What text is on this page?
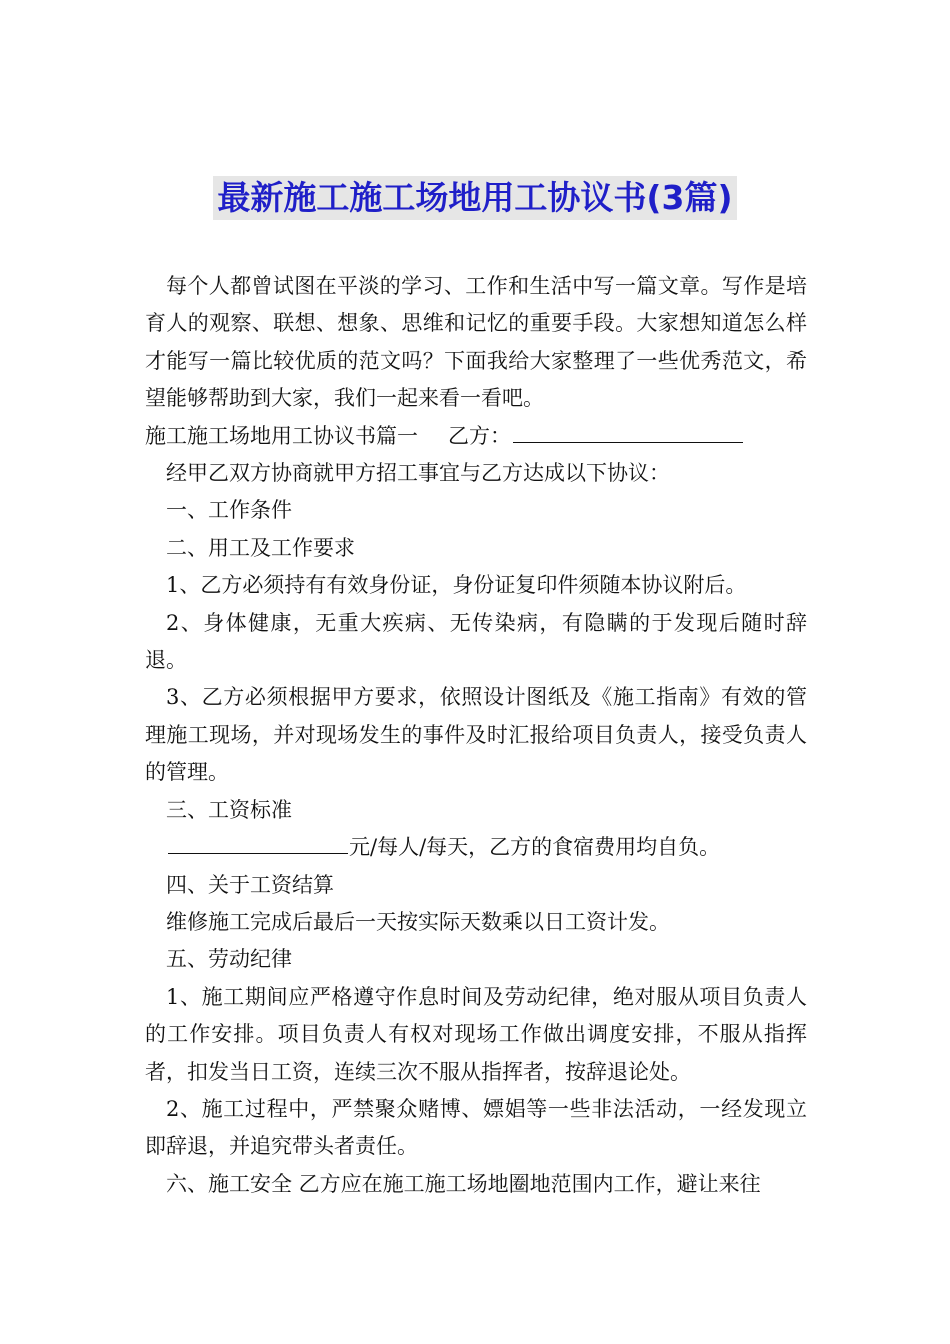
最新施工施工场地用工协议书(3篇)

每个人都曾试图在平淡的学习、工作和生活中写一篇文章。写作是培育人的观察、联想、想象、思维和记忆的重要手段。大家想知道怎么样才能写一篇比较优质的范文吗？下面我给大家整理了一些优秀范文，希望能够帮助到大家，我们一起来看一看吧。

施工施工场地用工协议书篇一 乙方：

经甲乙双方协商就甲方招工事宜与乙方达成以下协议：

一、工作条件

二、用工及工作要求

1、乙方必须持有有效身份证，身份证复印件须随本协议附后。

2、身体健康，无重大疾病、无传染病，有隐瞒的于发现后随时辞退。

3、乙方必须根据甲方要求，依照设计图纸及《施工指南》有效的管理施工现场，并对现场发生的事件及时汇报给项目负责人，接受负责人的管理。

三、工资标准

元/每人/每天，乙方的食宿费用均自负。

四、关于工资结算

维修施工完成后最后一天按实际天数乘以日工资计发。

五、劳动纪律

1、施工期间应严格遵守作息时间及劳动纪律，绝对服从项目负责人的工作安排。项目负责人有权对现场工作做出调度安排，不服从指挥者，扣发当日工资，连续三次不服从指挥者，按辞退论处。

2、施工过程中，严禁聚众赌博、嫖娼等一些非法活动，一经发现立即辞退，并追究带头者责任。

六、施工安全 乙方应在施工施工场地圈地范围内工作，避让来往
